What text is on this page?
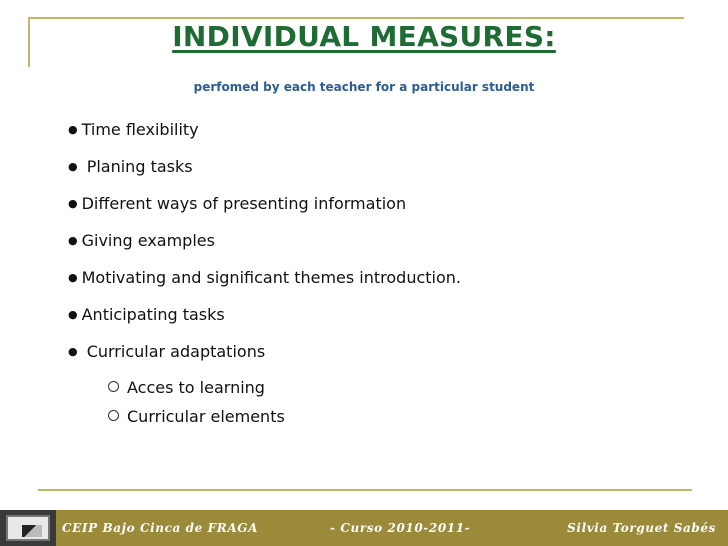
INDIVIDUAL MEASURES:
perfomed by each teacher for a particular student
● Time flexibility
● Planing tasks
● Different ways of presenting information
● Giving examples
● Motivating and significant themes introduction.
● Anticipating tasks
● Curricular adaptations
Acces to learning
Curricular elements
CEIP Bajo Cinca de FRAGA	- Curso 2010-2011-	Silvia Torguet Sabés
